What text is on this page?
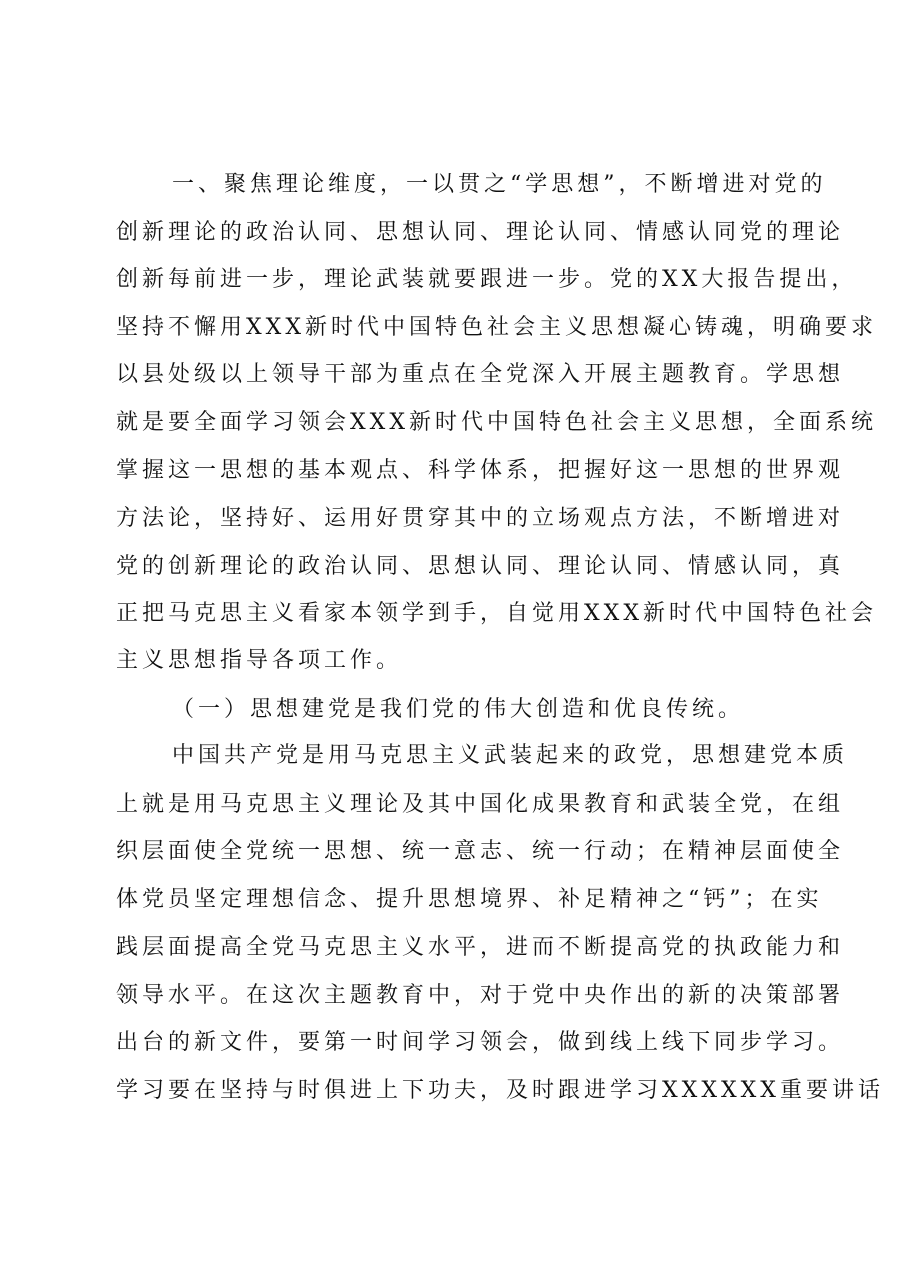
一、聚焦理论维度，一以贯之“学思想”，不断增进对党的
创新理论的政治认同、思想认同、理论认同、情感认同党的理论
创新每前进一步，理论武装就要跟进一步。党的XX大报告提出，
坚持不懈用XXX新时代中国特色社会主义思想凝心铸魂，明确要求
以县处级以上领导干部为重点在全党深入开展主题教育。学思想
就是要全面学习领会XXX新时代中国特色社会主义思想，全面系统
掌握这一思想的基本观点、科学体系，把握好这一思想的世界观
方法论，坚持好、运用好贯穿其中的立场观点方法，不断增进对
党的创新理论的政治认同、思想认同、理论认同、情感认同，真
正把马克思主义看家本领学到手，自觉用XXX新时代中国特色社会
主义思想指导各项工作。
（一）思想建党是我们党的伟大创造和优良传统。
中国共产党是用马克思主义武装起来的政党，思想建党本质
上就是用马克思主义理论及其中国化成果教育和武装全党，在组
织层面使全党统一思想、统一意志、统一行动；在精神层面使全
体党员坚定理想信念、提升思想境界、补足精神之“钙”；在实
践层面提高全党马克思主义水平，进而不断提高党的执政能力和
领导水平。在这次主题教育中，对于党中央作出的新的决策部署
出台的新文件，要第一时间学习领会，做到线上线下同步学习。
学习要在坚持与时俱进上下功夫，及时跟进学习XXXXXX重要讲话
